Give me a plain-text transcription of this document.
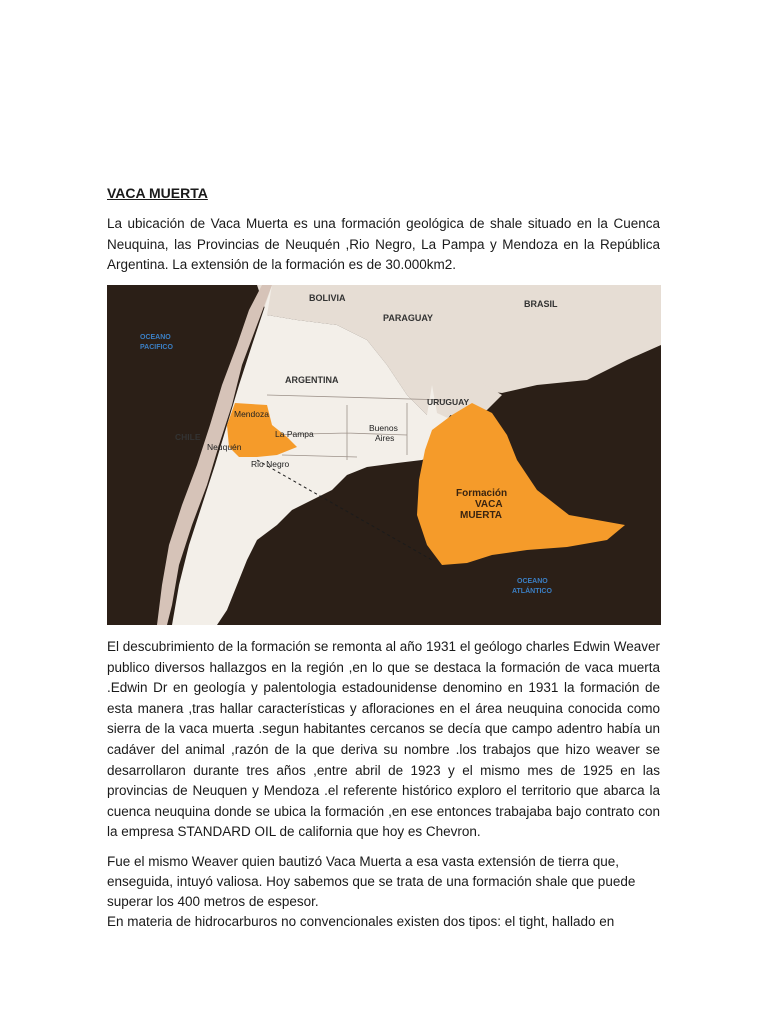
VACA MUERTA
La ubicación de Vaca Muerta es una formación geológica de shale situado en la Cuenca Neuquina, las Provincias de Neuquén ,Rio Negro, La Pampa y Mendoza en la República Argentina. La extensión de la formación es de 30.000km2.
BOLIVIA
BRASIL
PARAGUAY
OCEANO
PACIFICO
ARGENTINA
URUGUAY
Mendoza
La Pampa
Buenos
Aires
CHILE
Neuquén
Rio Negro
Formación
VACA
MUERTA
OCEANO
ATLÁNTICO
El descubrimiento de la formación se remonta al año 1931 el geólogo charles Edwin Weaver publico diversos hallazgos en la región ,en lo que se destaca la formación de vaca muerta .Edwin Dr en geología y palentologia estadounidense denomino en 1931 la formación de esta manera ,tras hallar características y afloraciones en el área neuquina conocida como sierra de la vaca muerta .segun habitantes cercanos se decía que campo adentro había un cadáver del animal ,razón de la que deriva su nombre .los trabajos que hizo weaver se desarrollaron durante tres años ,entre abril de 1923 y el mismo mes de 1925 en las provincias de Neuquen y Mendoza .el referente histórico exploro el territorio que abarca la cuenca neuquina donde se ubica la formación ,en ese entonces trabajaba bajo contrato con la empresa STANDARD OIL de california que hoy es Chevron.
Fue el mismo Weaver quien bautizó Vaca Muerta a esa vasta extensión de tierra que, enseguida, intuyó valiosa. Hoy sabemos que se trata de una formación shale que puede superar los 400 metros de espesor.
En materia de hidrocarburos no convencionales existen dos tipos: el tight, hallado en
